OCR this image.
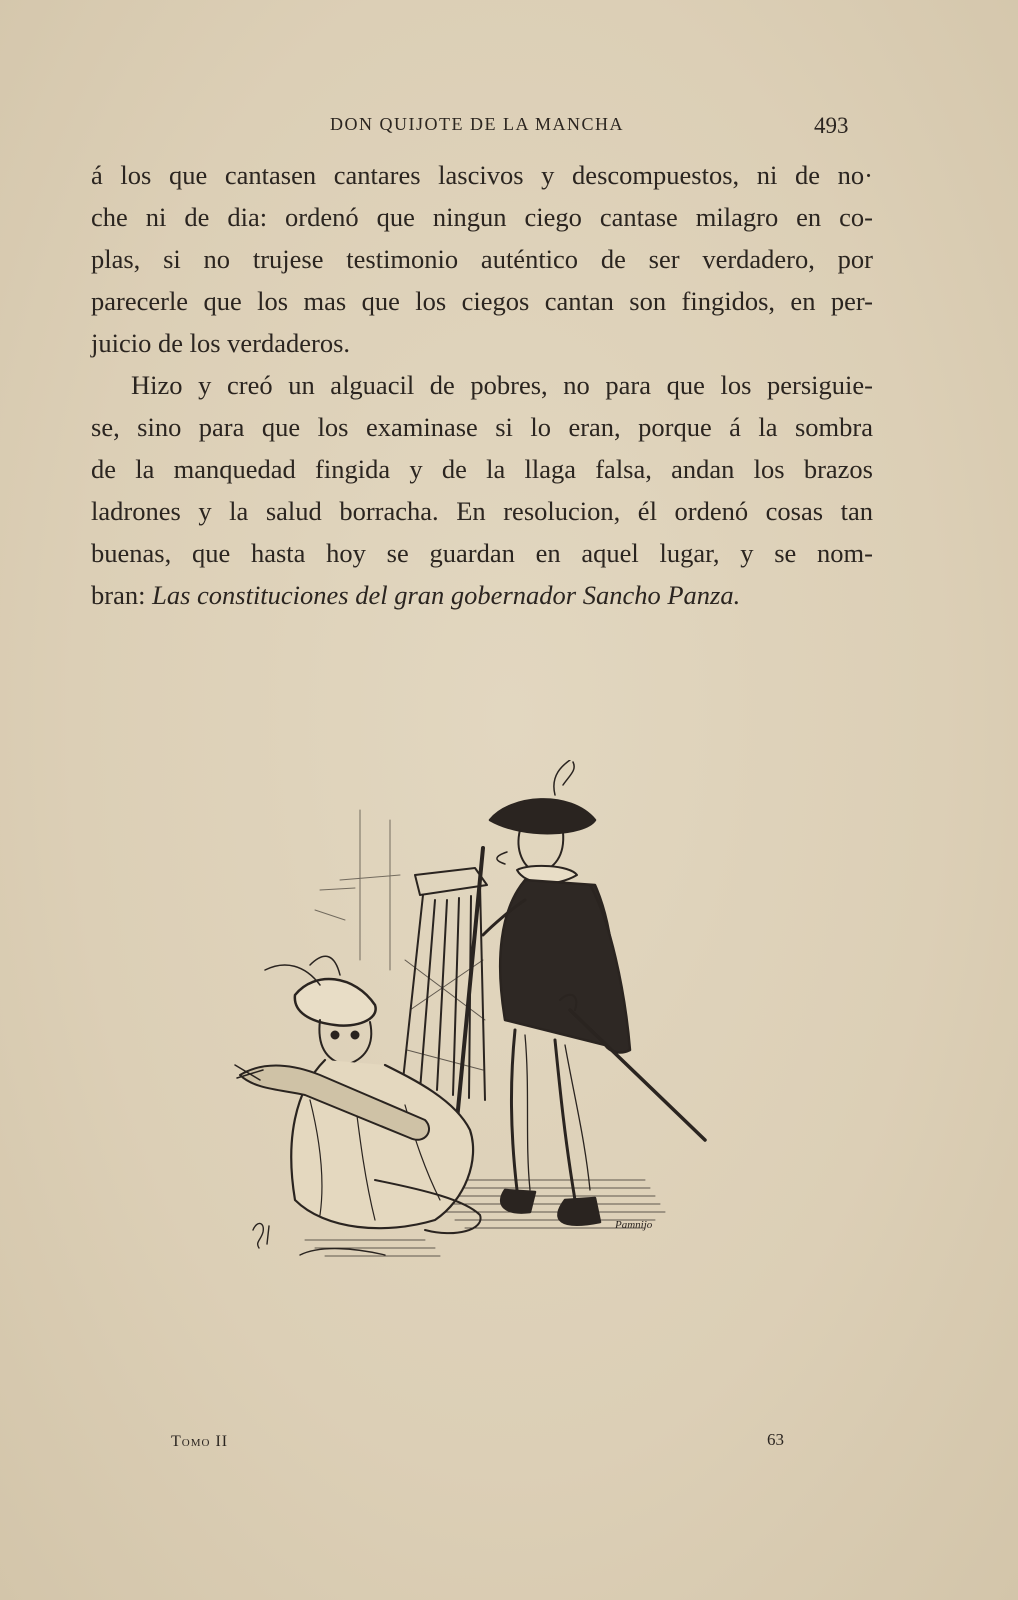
DON QUIJOTE DE LA MANCHA	493
á los que cantasen cantares lascivos y descompuestos, ni de no·
che ni de dia: ordenó que ningun ciego cantase milagro en co-
plas, si no trujese testimonio auténtico de ser verdadero, por
parecerle que los mas que los ciegos cantan son fingidos, en per-
juicio de los verdaderos.
Hizo y creó un alguacil de pobres, no para que los persiguie-
se, sino para que los examinase si lo eran, porque á la sombra
de la manquedad fingida y de la llaga falsa, andan los brazos
ladrones y la salud borracha. En resolucion, él ordenó cosas tan
buenas, que hasta hoy se guardan en aquel lugar, y se nom-
bran: Las constituciones del gran gobernador Sancho Panza.
Pamnijo
Tomo II	63
